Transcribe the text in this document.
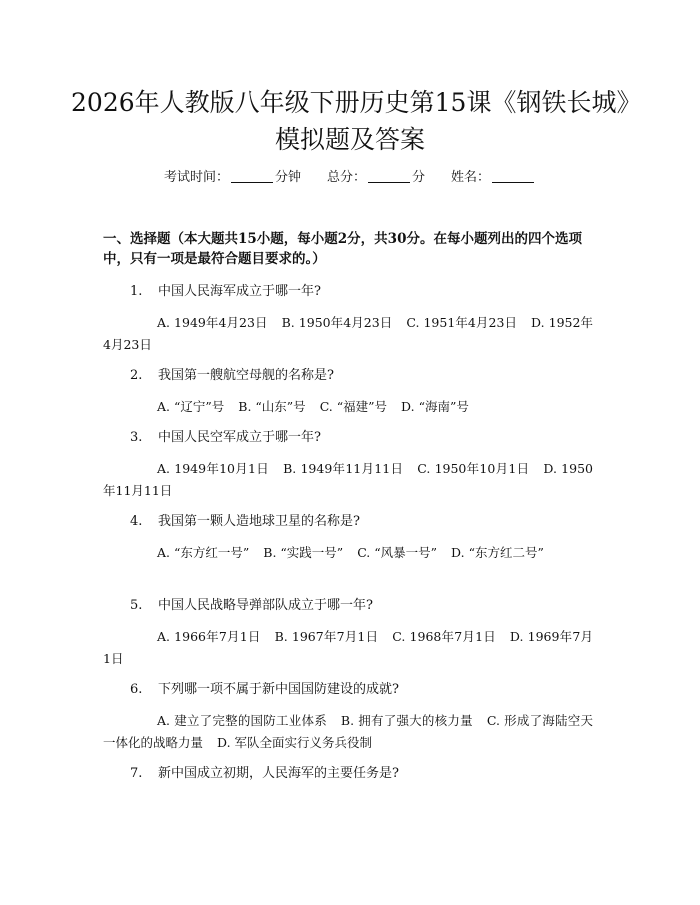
2026年人教版八年级下册历史第15课《钢铁长城》模拟题及答案
考试时间：	分钟 总分：	分 姓名：

一、选择题（本大题共15小题，每小题2分，共30分。在每小题列出的四个选项中，只有一项是最符合题目要求的。）

1. 中国人民海军成立于哪一年?
A. 1949年4月23日 B. 1950年4月23日 C. 1951年4月23日 D. 1952年4月23日
2. 我国第一艘航空母舰的名称是?
A. “辽宁”号 B. “山东”号 C. “福建”号 D. “海南”号
3. 中国人民空军成立于哪一年?
A. 1949年10月1日 B. 1949年11月11日 C. 1950年10月1日 D. 1950年11月11日
4. 我国第一颗人造地球卫星的名称是?
A. “东方红一号” B. “实践一号” C. “风暴一号” D. “东方红二号”
5. 中国人民战略导弹部队成立于哪一年?
A. 1966年7月1日 B. 1967年7月1日 C. 1968年7月1日 D. 1969年7月1日
6. 下列哪一项不属于新中国国防建设的成就?
A. 建立了完整的国防工业体系 B. 拥有了强大的核力量 C. 形成了海陆空天一体化的战略力量 D. 军队全面实行义务兵役制
7. 新中国成立初期，人民海军的主要任务是?
